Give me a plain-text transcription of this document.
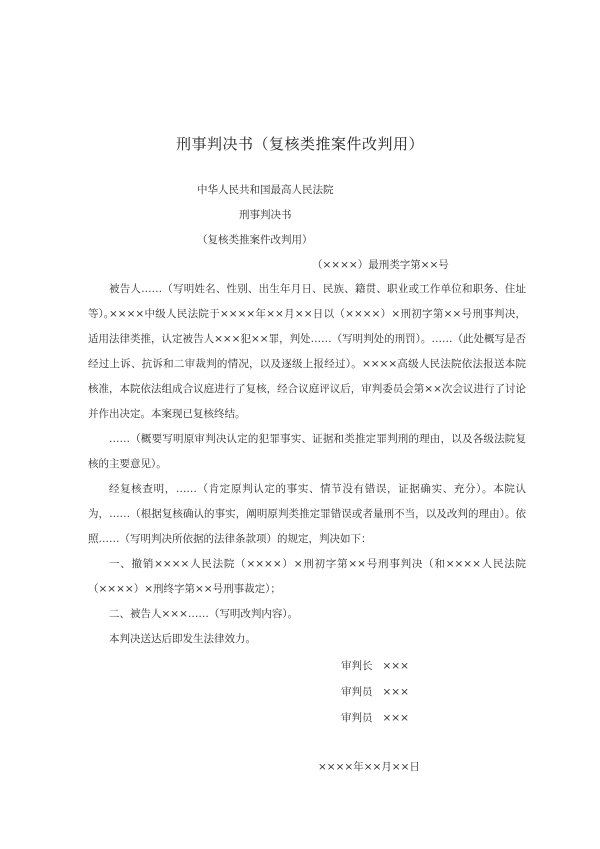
刑事判决书（复核类推案件改判用）
中华人民共和国最高人民法院
刑事判决书
（复核类推案件改判用）
（××××）最刑类字第××号
被告人……（写明姓名、性别、出生年月日、民族、籍贯、职业或工作单位和职务、住址等）。
××××中级人民法院于××××年××月××日以（××××）×刑初字第××号刑事判决，适用法律类推，认定被告人×××犯××罪，判处……（写明判处的刑罚）。……（此处概写是否经过上诉、抗诉和二审裁判的情况，以及逐级上报经过）。××××高级人民法院依法报送本院核准，本院依法组成合议庭进行了复核，经合议庭评议后，审判委员会第××次会议进行了讨论并作出决定。本案现已复核终结。
……（概要写明原审判决认定的犯罪事实、证据和类推定罪判刑的理由，以及各级法院复核的主要意见）。
经复核查明，……（肯定原判认定的事实、情节没有错误，证据确实、充分）。本院认为，……（根据复核确认的事实，阐明原判类推定罪错误或者量刑不当，以及改判的理由）。依照……（写明判决所依据的法律条款项）的规定，判决如下：
一、撤销××××人民法院（××××）×刑初字第××号刑事判决（和××××人民法院（××××）×刑终字第××号刑事裁定）；
二、被告人×××……（写明改判内容）。
本判决送达后即发生法律效力。
审判长 ×××
审判员 ×××
审判员 ×××
××××年××月××日
